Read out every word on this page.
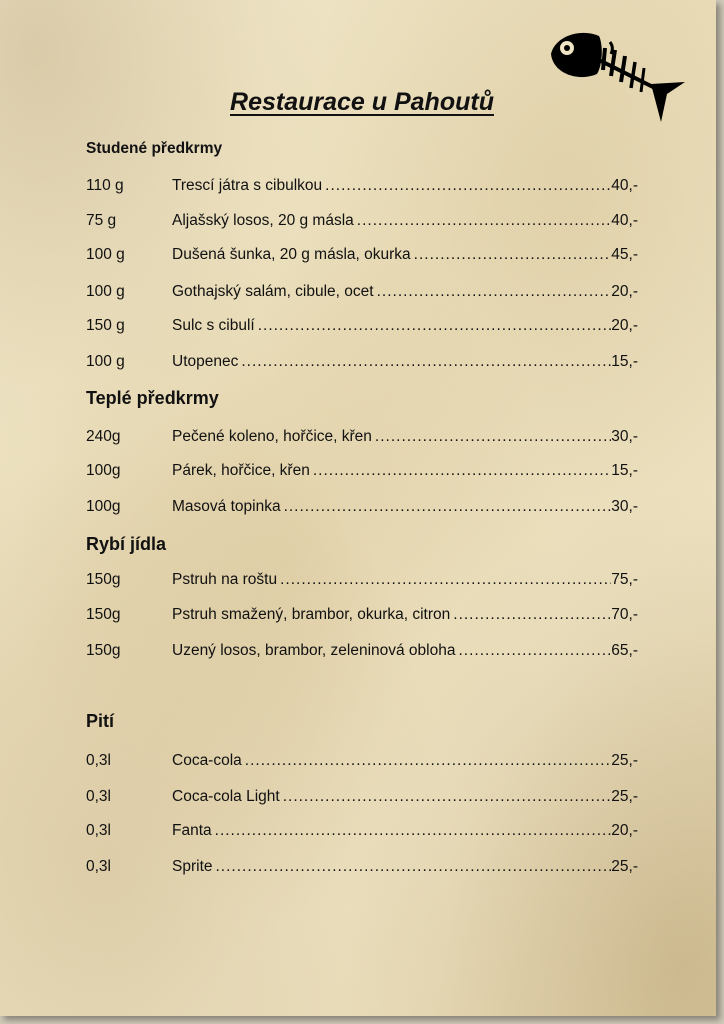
Restaurace u Pahoutů
Studené předkrmy
110 g	Trescí játra s cibulkou .....	40,-
75 g	Aljašský losos, 20 g másla .....	40,-
100 g	Dušená šunka, 20 g másla, okurka .....	45,-
100 g	Gothajský salám, cibule, ocet .....	20,-
150 g	Sulc s cibulí .....	20,-
100 g	Utopenec .....	15,-
Teplé předkrmy
240g	Pečené koleno, hořčice, křen .....	30,-
100g	Párek, hořčice, křen .....	15,-
100g	Masová topinka .....	30,-
Rybí jídla
150g	Pstruh na roštu .....	75,-
150g	Pstruh smažený, brambor, okurka, citron .....	70,-
150g	Uzený losos, brambor, zeleninová obloha .....	65,-
Pití
0,3l	Coca-cola .....	25,-
0,3l	Coca-cola Light .....	25,-
0,3l	Fanta .....	20,-
0,3l	Sprite .....	25,-
